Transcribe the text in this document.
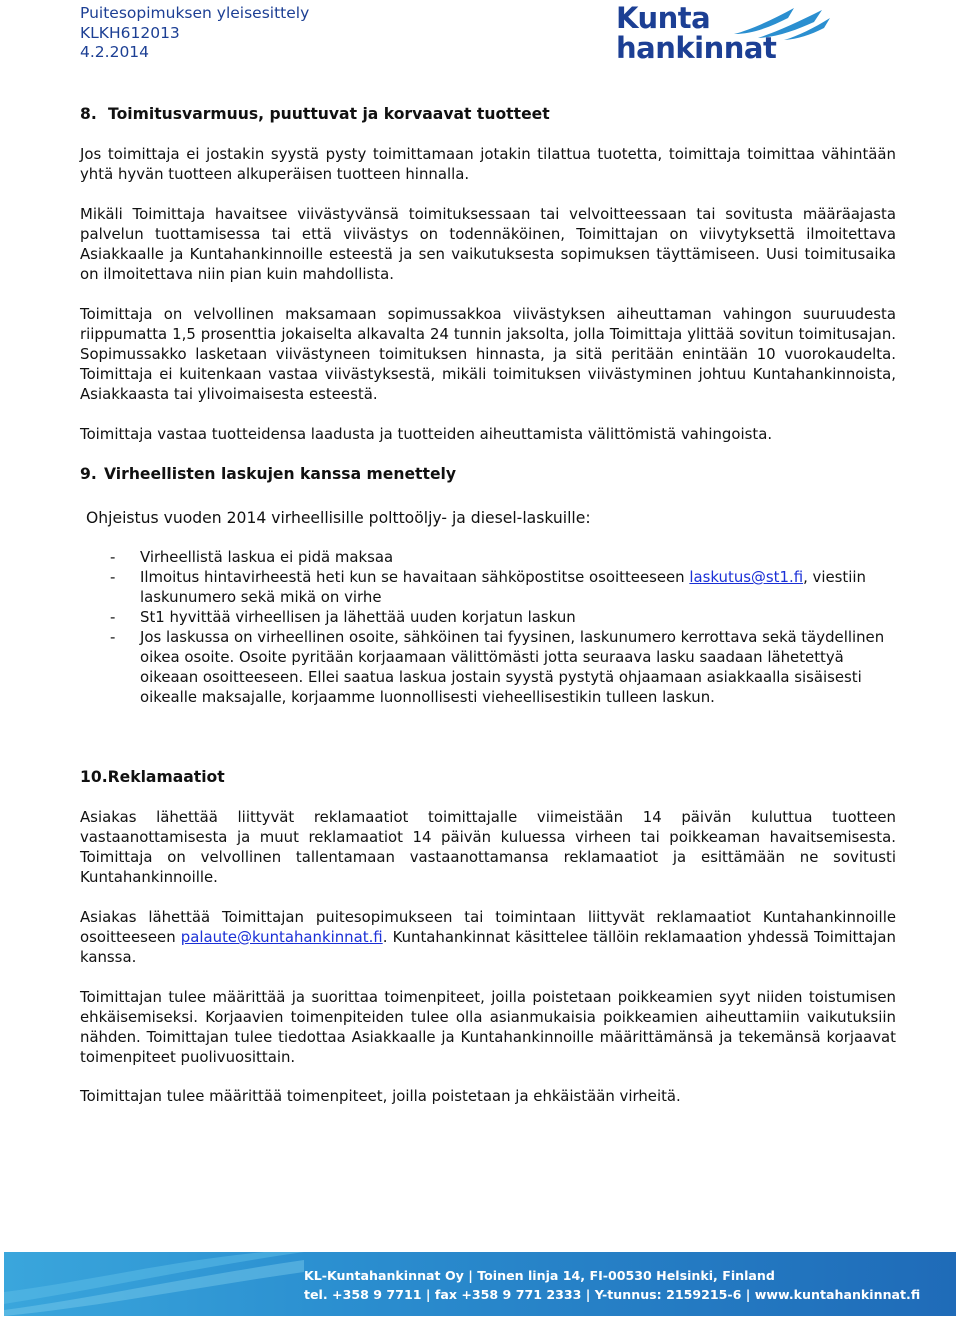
Puitesopimuksen yleisesittely
KLKH612013
4.2.2014
Kunta
hankinnat
8. Toimitusvarmuus, puuttuvat ja korvaavat tuotteet

Jos toimittaja ei jostakin syystä pysty toimittamaan jotakin tilattua tuotetta, toimittaja toimittaa vähintään yhtä hyvän tuotteen alkuperäisen tuotteen hinnalla.

Mikäli Toimittaja havaitsee viivästyvänsä toimituksessaan tai velvoitteessaan tai sovitusta määräajasta palvelun tuottamisessa tai että viivästys on todennäköinen, Toimittajan on viivytyksettä ilmoitettava Asiakkaalle ja Kuntahankinnoille esteestä ja sen vaikutuksesta sopimuksen täyttämiseen. Uusi toimitusaika on ilmoitettava niin pian kuin mahdollista.

Toimittaja on velvollinen maksamaan sopimussakkoa viivästyksen aiheuttaman vahingon suuruudesta riippumatta 1,5 prosenttia jokaiselta alkavalta 24 tunnin jaksolta, jolla Toimittaja ylittää sovitun toimitusajan. Sopimussakko lasketaan viivästyneen toimituksen hinnasta, ja sitä peritään enintään 10 vuorokaudelta. Toimittaja ei kuitenkaan vastaa viivästyksestä, mikäli toimituksen viivästyminen johtuu Kuntahankinnoista, Asiakkaasta tai ylivoimaisesta esteestä.

Toimittaja vastaa tuotteidensa laadusta ja tuotteiden aiheuttamista välittömistä vahingoista.

9. Virheellisten laskujen kanssa menettely

Ohjeistus vuoden 2014 virheellisille polttoöljy- ja diesel-laskuille:

- Virheellistä laskua ei pidä maksaa
- Ilmoitus hintavirheestä heti kun se havaitaan sähköpostitse osoitteeseen laskutus@st1.fi, viestiin laskunumero sekä mikä on virhe
- St1 hyvittää virheellisen ja lähettää uuden korjatun laskun
- Jos laskussa on virheellinen osoite, sähköinen tai fyysinen, laskunumero kerrottava sekä täydellinen oikea osoite. Osoite pyritään korjaamaan välittömästi jotta seuraava lasku saadaan lähetettyä oikeaan osoitteeseen. Ellei saatua laskua jostain syystä pystytä ohjaamaan asiakkaalla sisäisesti oikealle maksajalle, korjaamme luonnollisesti vieheellisestikin tulleen laskun.
10.Reklamaatiot

Asiakas lähettää liittyvät reklamaatiot toimittajalle viimeistään 14 päivän kuluttua tuotteen vastaanottamisesta ja muut reklamaatiot 14 päivän kuluessa virheen tai poikkeaman havaitsemisesta. Toimittaja on velvollinen tallentamaan vastaanottamansa reklamaatiot ja esittämään ne sovitusti Kuntahankinnoille.

Asiakas lähettää Toimittajan puitesopimukseen tai toimintaan liittyvät reklamaatiot Kuntahankinnoille osoitteeseen palaute@kuntahankinnat.fi. Kuntahankinnat käsittelee tällöin reklamaation yhdessä Toimittajan kanssa.

Toimittajan tulee määrittää ja suorittaa toimenpiteet, joilla poistetaan poikkeamien syyt niiden toistumisen ehkäisemiseksi. Korjaavien toimenpiteiden tulee olla asianmukaisia poikkeamien aiheuttamiin vaikutuksiin nähden. Toimittajan tulee tiedottaa Asiakkaalle ja Kuntahankinnoille määrittämänsä ja tekemänsä korjaavat toimenpiteet puolivuosittain.

Toimittajan tulee määrittää toimenpiteet, joilla poistetaan ja ehkäistään virheitä.

KL-Kuntahankinnat Oy | Toinen linja 14, FI-00530 Helsinki, Finland
tel. +358 9 7711 | fax +358 9 771 2333 | Y-tunnus: 2159215-6 | www.kuntahankinnat.fi
